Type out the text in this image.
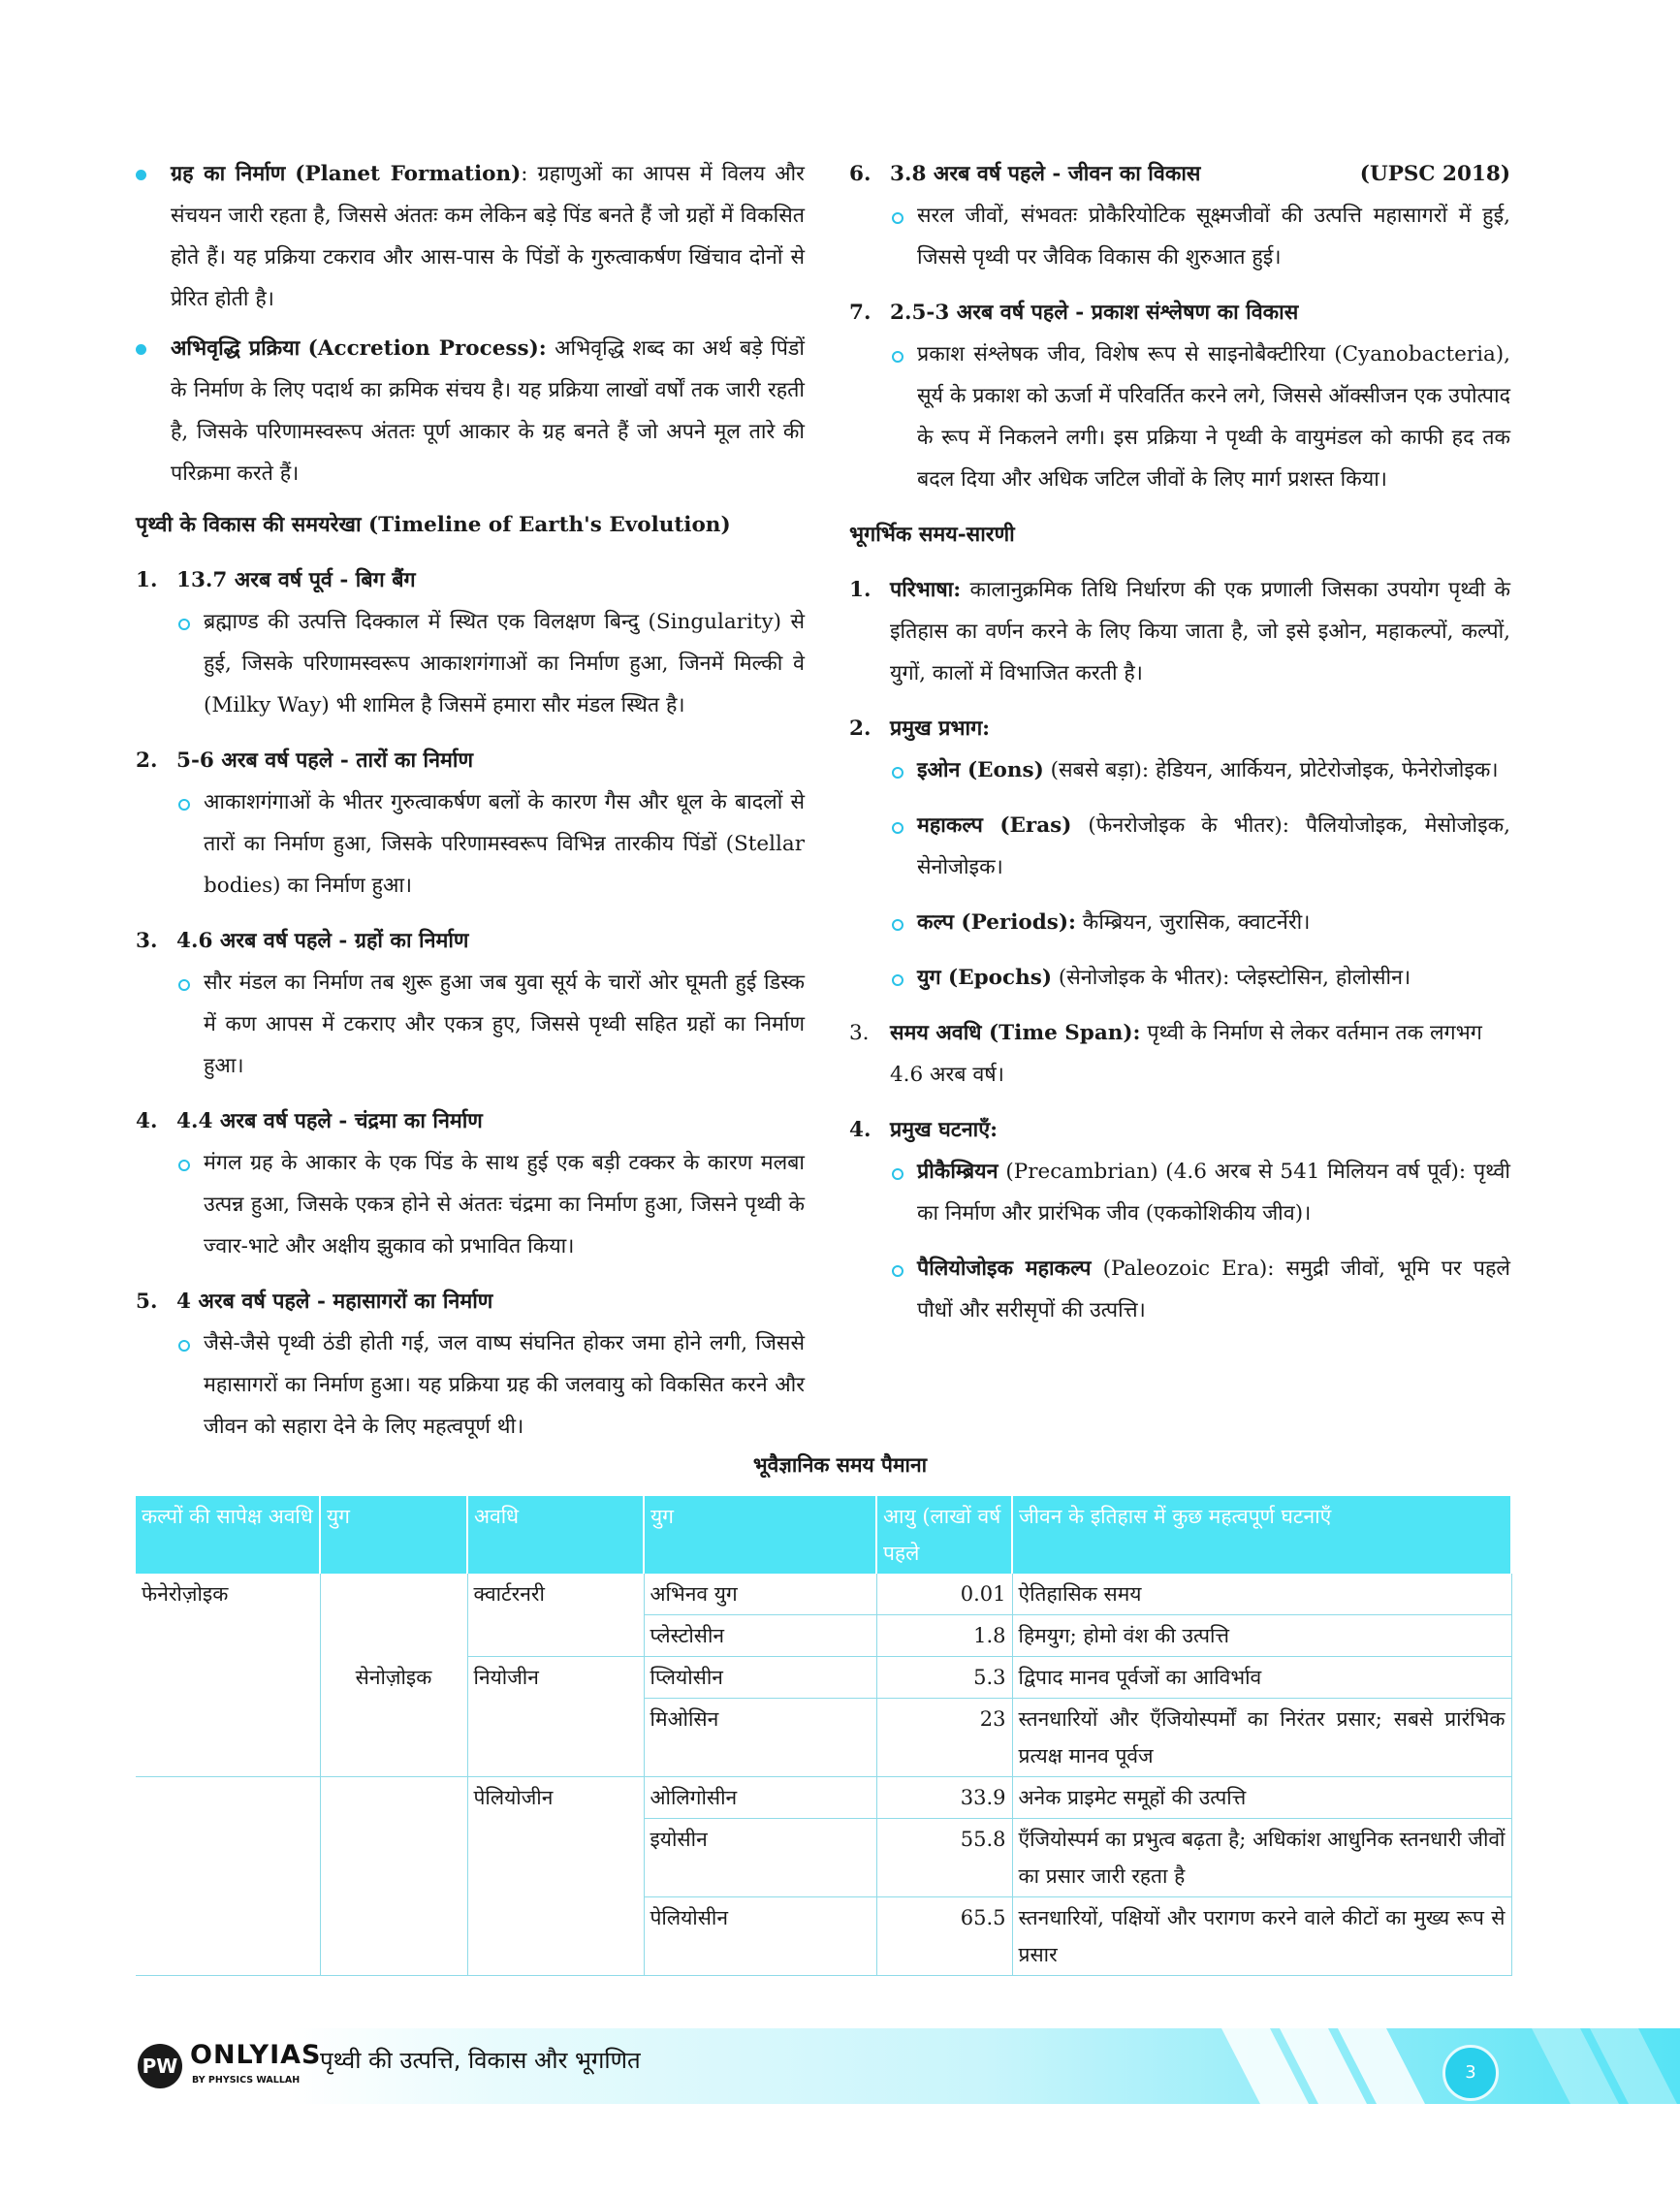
ग्रह का निर्माण (Planet Formation): ग्रहाणुओं का आपस में विलय और संचयन जारी रहता है, जिससे अंततः कम लेकिन बड़े पिंड बनते हैं जो ग्रहों में विकसित होते हैं। यह प्रक्रिया टकराव और आस-पास के पिंडों के गुरुत्वाकर्षण खिंचाव दोनों से प्रेरित होती है।

अभिवृद्धि प्रक्रिया (Accretion Process): अभिवृद्धि शब्द का अर्थ बड़े पिंडों के निर्माण के लिए पदार्थ का क्रमिक संचय है। यह प्रक्रिया लाखों वर्षों तक जारी रहती है, जिसके परिणामस्वरूप अंततः पूर्ण आकार के ग्रह बनते हैं जो अपने मूल तारे की परिक्रमा करते हैं।

पृथ्वी के विकास की समयरेखा (Timeline of Earth's Evolution)

1. 13.7 अरब वर्ष पूर्व - बिग बैंग

ब्रह्माण्ड की उत्पत्ति दिक्काल में स्थित एक विलक्षण बिन्दु (Singularity) से हुई, जिसके परिणामस्वरूप आकाशगंगाओं का निर्माण हुआ, जिनमें मिल्की वे (Milky Way) भी शामिल है जिसमें हमारा सौर मंडल स्थित है।

2. 5-6 अरब वर्ष पहले - तारों का निर्माण

आकाशगंगाओं के भीतर गुरुत्वाकर्षण बलों के कारण गैस और धूल के बादलों से तारों का निर्माण हुआ, जिसके परिणामस्वरूप विभिन्न तारकीय पिंडों (Stellar bodies) का निर्माण हुआ।

3. 4.6 अरब वर्ष पहले - ग्रहों का निर्माण

सौर मंडल का निर्माण तब शुरू हुआ जब युवा सूर्य के चारों ओर घूमती हुई डिस्क में कण आपस में टकराए और एकत्र हुए, जिससे पृथ्वी सहित ग्रहों का निर्माण हुआ।

4. 4.4 अरब वर्ष पहले - चंद्रमा का निर्माण

मंगल ग्रह के आकार के एक पिंड के साथ हुई एक बड़ी टक्कर के कारण मलबा उत्पन्न हुआ, जिसके एकत्र होने से अंततः चंद्रमा का निर्माण हुआ, जिसने पृथ्वी के ज्वार-भाटे और अक्षीय झुकाव को प्रभावित किया।

5. 4 अरब वर्ष पहले - महासागरों का निर्माण

जैसे-जैसे पृथ्वी ठंडी होती गई, जल वाष्प संघनित होकर जमा होने लगी, जिससे महासागरों का निर्माण हुआ। यह प्रक्रिया ग्रह की जलवायु को विकसित करने और जीवन को सहारा देने के लिए महत्वपूर्ण थी।

6. 3.8 अरब वर्ष पहले - जीवन का विकास	(UPSC 2018)

सरल जीवों, संभवतः प्रोकैरियोटिक सूक्ष्मजीवों की उत्पत्ति महासागरों में हुई, जिससे पृथ्वी पर जैविक विकास की शुरुआत हुई।

7. 2.5-3 अरब वर्ष पहले - प्रकाश संश्लेषण का विकास

प्रकाश संश्लेषक जीव, विशेष रूप से साइनोबैक्टीरिया (Cyanobacteria), सूर्य के प्रकाश को ऊर्जा में परिवर्तित करने लगे, जिससे ऑक्सीजन एक उपोत्पाद के रूप में निकलने लगी। इस प्रक्रिया ने पृथ्वी के वायुमंडल को काफी हद तक बदल दिया और अधिक जटिल जीवों के लिए मार्ग प्रशस्त किया।

भूगर्भिक समय-सारणी

1. परिभाषा: कालानुक्रमिक तिथि निर्धारण की एक प्रणाली जिसका उपयोग पृथ्वी के इतिहास का वर्णन करने के लिए किया जाता है, जो इसे इओन, महाकल्पों, कल्पों, युगों, कालों में विभाजित करती है।

2. प्रमुख प्रभाग:

इओन (Eons) (सबसे बड़ा): हेडियन, आर्कियन, प्रोटेरोजोइक, फेनेरोजोइक।

महाकल्प (Eras) (फेनरोजोइक के भीतर): पैलियोजोइक, मेसोजोइक, सेनोजोइक।

कल्प (Periods): कैम्ब्रियन, जुरासिक, क्वाटर्नेरी।

युग (Epochs) (सेनोजोइक के भीतर): प्लेइस्टोसिन, होलोसीन।

3. समय अवधि (Time Span): पृथ्वी के निर्माण से लेकर वर्तमान तक लगभग 4.6 अरब वर्ष।

4. प्रमुख घटनाएँ:

प्रीकैम्ब्रियन (Precambrian) (4.6 अरब से 541 मिलियन वर्ष पूर्व): पृथ्वी का निर्माण और प्रारंभिक जीव (एककोशिकीय जीव)।

पैलियोजोइक महाकल्प (Paleozoic Era): समुद्री जीवों, भूमि पर पहले पौधों और सरीसृपों की उत्पत्ति।

भूवैज्ञानिक समय पैमाना
कल्पों की सापेक्ष अवधि	युग	अवधि	युग	आयु (लाखों वर्ष पहले	जीवन के इतिहास में कुछ महत्वपूर्ण घटनाएँ
फेनेरोज़ोइक		क्वार्टरनरी	अभिनव युग	0.01	ऐतिहासिक समय
			प्लेस्टोसीन	1.8	हिमयुग; होमो वंश की उत्पत्ति
	सेनोज़ोइक	नियोजीन	प्लियोसीन	5.3	द्विपाद मानव पूर्वजों का आविर्भाव
			मिओसिन	23	स्तनधारियों और एँजियोस्पर्मों का निरंतर प्रसार; सबसे प्रारंभिक प्रत्यक्ष मानव पूर्वज
		पेलियोजीन	ओलिगोसीन	33.9	अनेक प्राइमेट समूहों की उत्पत्ति
			इयोसीन	55.8	एँजियोस्पर्म का प्रभुत्व बढ़ता है; अधिकांश आधुनिक स्तनधारी जीवों का प्रसार जारी रहता है
			पेलियोसीन	65.5	स्तनधारियों, पक्षियों और परागण करने वाले कीटों का मुख्य रूप से प्रसार
PW ONLYIAS
BY PHYSICS WALLAH
पृथ्वी की उत्पत्ति, विकास और भूगणित	3
